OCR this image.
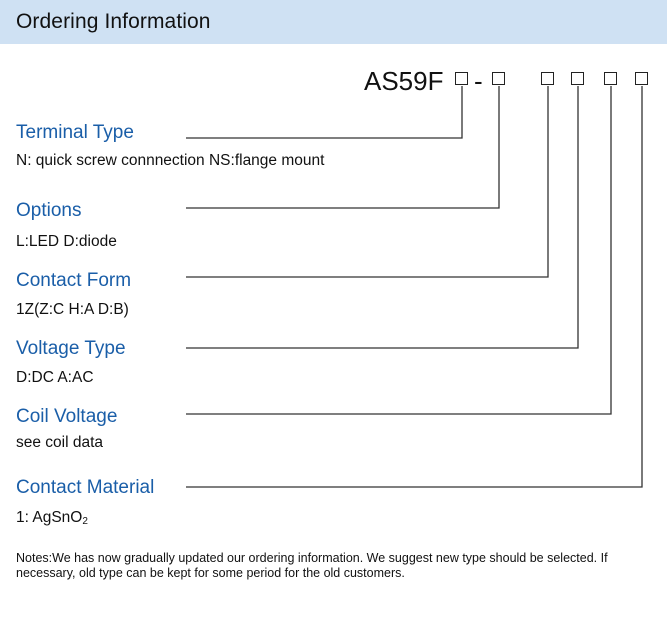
Ordering Information
AS59F -
Terminal Type
N: quick screw connnection NS:flange mount
Options
L:LED D:diode
Contact Form
1Z(Z:C H:A D:B)
Voltage Type
D:DC A:AC
Coil Voltage
see coil data
Contact Material
1: AgSnO$_2$
Notes:We has now gradually updated our ordering information. We suggest new type should be selected. If necessary, old type can be kept for some period for the old customers.
